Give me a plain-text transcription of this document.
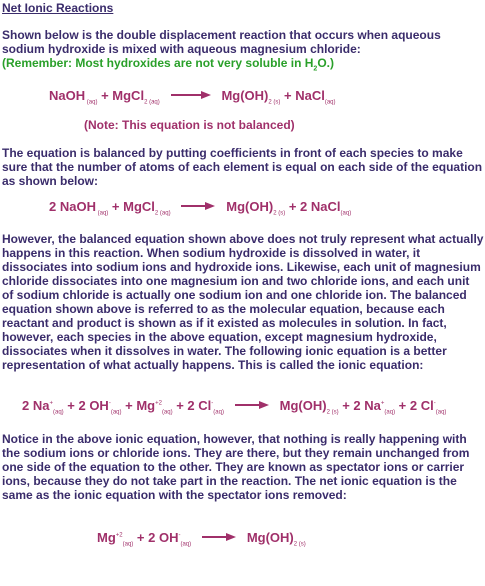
Net Ionic Reactions
Shown below is the double displacement reaction that occurs when aqueous sodium hydroxide is mixed with aqueous magnesium chloride:
(Remember: Most hydroxides are not very soluble in $H_2O$.)
NaOH $_{(aq)}$ + MgCl$_2$ $_{(aq)}$	$Mg(OH)_2$ $_{(s)}$ + NaCl$_{(aq)}$
(Note: This equation is not balanced)
The equation is balanced by putting coefficients in front of each species to make sure that the number of atoms of each element is equal on each side of the equation as shown below:
2 NaOH $_{(aq)}$ + MgCl$_2$ $_{(aq)}$	$Mg(OH)_2$ $_{(s)}$ + 2 NaCl$_{(aq)}$
However, the balanced equation shown above does not truly represent what actually happens in this reaction. When sodium hydroxide is dissolved in water, it dissociates into sodium ions and hydroxide ions. Likewise, each unit of magnesium chloride dissociates into one magnesium ion and two chloride ions, and each unit of sodium chloride is actually one sodium ion and one chloride ion. The balanced equation shown above is referred to as the molecular equation, because each reactant and product is shown as if it existed as molecules in solution. In fact, however, each species in the above equation, except magnesium hydroxide, dissociates when it dissolves in water. The following ionic equation is a better representation of what actually happens. This is called the ionic equation:
2 $Na^+_{(aq)} + 2$ $OH^-_{(aq)} + Mg^{+2}_{(aq)} + 2$ $Cl^-_{(aq)}$	$Mg(OH)_2$ $_{(s)}$ + 2 $Na^+_{(aq)} + 2$ $Cl^-_{(aq)}$
Notice in the above ionic equation, however, that nothing is really happening with the sodium ions or chloride ions. They are there, but they remain unchanged from one side of the equation to the other. They are known as spectator ions or carrier ions, because they do not take part in the reaction. The net ionic equation is the same as the ionic equation with the spectator ions removed:
$Mg^{+2}_{(aq)} + 2$ $OH^-_{(aq)}$	$Mg(OH)_2$ $_{(s)}$
